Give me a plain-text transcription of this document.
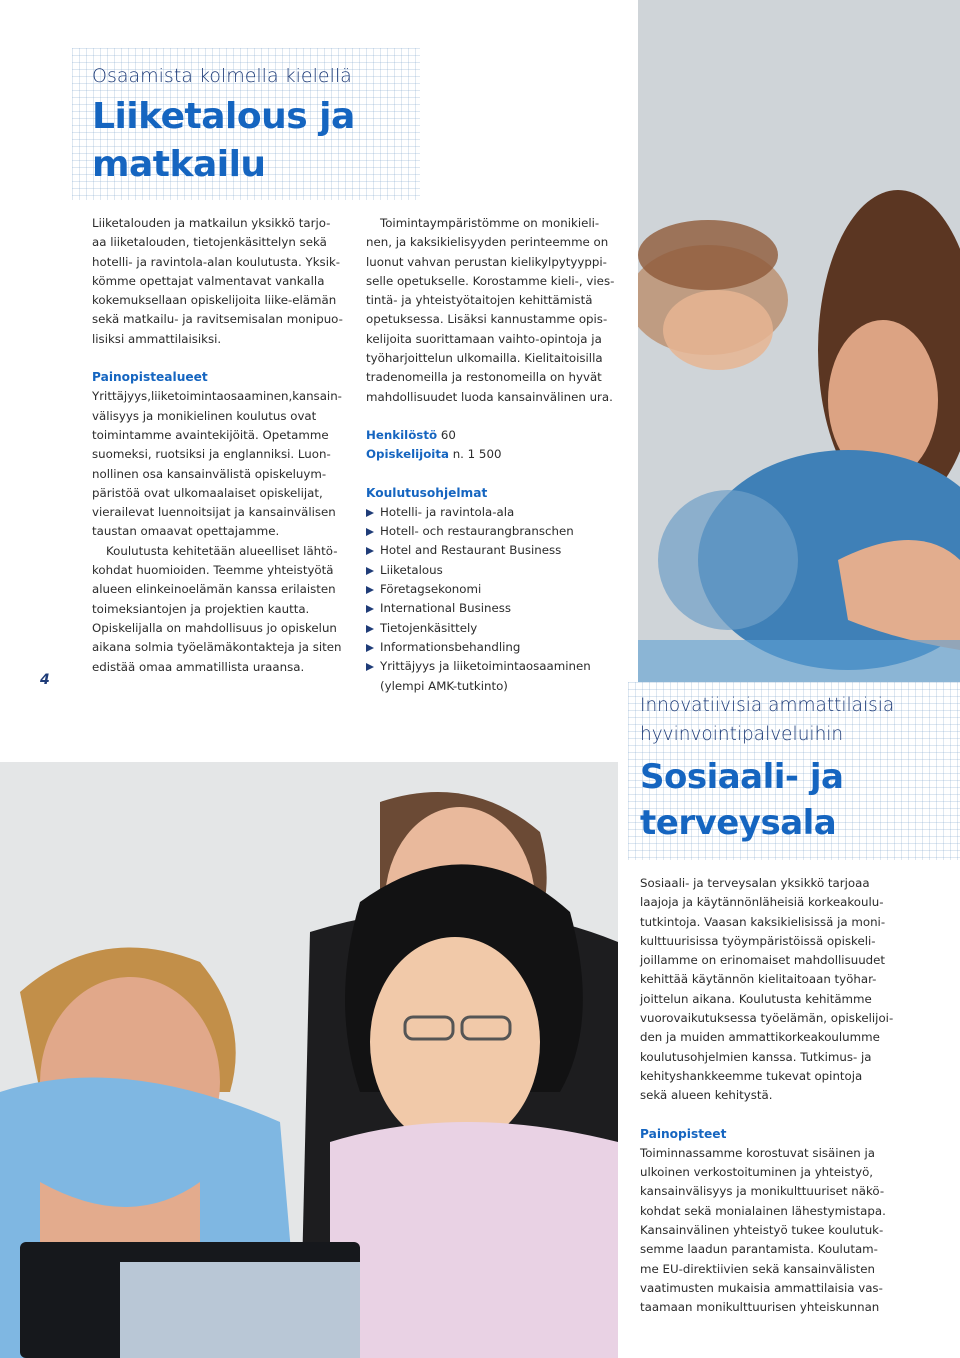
Osaamista kolmella kielellä
Liiketalous ja
matkailu
4
Liiketalouden ja matkailun yksikkö tarjo-
aa liiketalouden, tietojenkäsittelyn sekä
hotelli- ja ravintola-alan koulutusta. Yksik-
kömme opettajat valmentavat vankalla
kokemuksellaan opiskelijoita liike-elämän
sekä matkailu- ja ravitsemisalan monipuo-
lisiksi ammattilaisiksi.
Painopistealueet
Yrittäjyys,liiketoimintaosaaminen,kansain-
välisyys ja monikielinen koulutus ovat
toimintamme avaintekijöitä. Opetamme
suomeksi, ruotsiksi ja englanniksi. Luon-
nollinen osa kansainvälistä opiskeluym-
päristöä ovat ulkomaalaiset opiskelijat,
vierailevat luennoitsijat ja kansainvälisen
taustan omaavat opettajamme.
Koulutusta kehitetään alueelliset lähtö-
kohdat huomioiden. Teemme yhteistyötä
alueen elinkeinoelämän kanssa erilaisten
toimeksiantojen ja projektien kautta.
Opiskelijalla on mahdollisuus jo opiskelun
aikana solmia työelämäkontakteja ja siten
edistää omaa ammatillista uraansa.
Toimintaympäristömme on monikieli-
nen, ja kaksikielisyyden perinteemme on
luonut vahvan perustan kielikylpytyyppi-
selle opetukselle. Korostamme kieli-, vies-
tintä- ja yhteistyötaitojen kehittämistä
opetuksessa. Lisäksi kannustamme opis-
kelijoita suorittamaan vaihto-opintoja ja
työharjoittelun ulkomailla. Kielitaitoisilla
tradenomeilla ja restonomeilla on hyvät
mahdollisuudet luoda kansainvälinen ura.
Henkilöstö 60
Opiskelijoita n. 1 500
Koulutusohjelmat
Hotelli- ja ravintola-ala
Hotell- och restaurangbranschen
Hotel and Restaurant Business
Liiketalous
Företagsekonomi
International Business
Tietojenkäsittely
Informationsbehandling
Yrittäjyys ja liiketoimintaosaaminen
(ylempi AMK-tutkinto)
Innovatiivisia ammattilaisia
hyvinvointipalveluihin
Sosiaali- ja
terveysala
Sosiaali- ja terveysalan yksikkö tarjoaa
laajoja ja käytännönläheisiä korkeakoulu-
tutkintoja. Vaasan kaksikielisissä ja moni-
kulttuurisissa työympäristöissä opiskeli-
joillamme on erinomaiset mahdollisuudet
kehittää käytännön kielitaitoaan työhar-
joittelun aikana. Koulutusta kehitämme
vuorovaikutuksessa työelämän, opiskelijoi-
den ja muiden ammattikorkeakoulumme
koulutusohjelmien kanssa. Tutkimus- ja
kehityshankkeemme tukevat opintoja
sekä alueen kehitystä.
Painopisteet
Toiminnassamme korostuvat sisäinen ja
ulkoinen verkostoituminen ja yhteistyö,
kansainvälisyys ja monikulttuuriset näkö-
kohdat sekä monialainen lähestymistapa.
Kansainvälinen yhteistyö tukee koulutuk-
semme laadun parantamista. Koulutam-
me EU-direktiivien sekä kansainvälisten
vaatimusten mukaisia ammattilaisia vas-
taamaan monikulttuurisen yhteiskunnan
